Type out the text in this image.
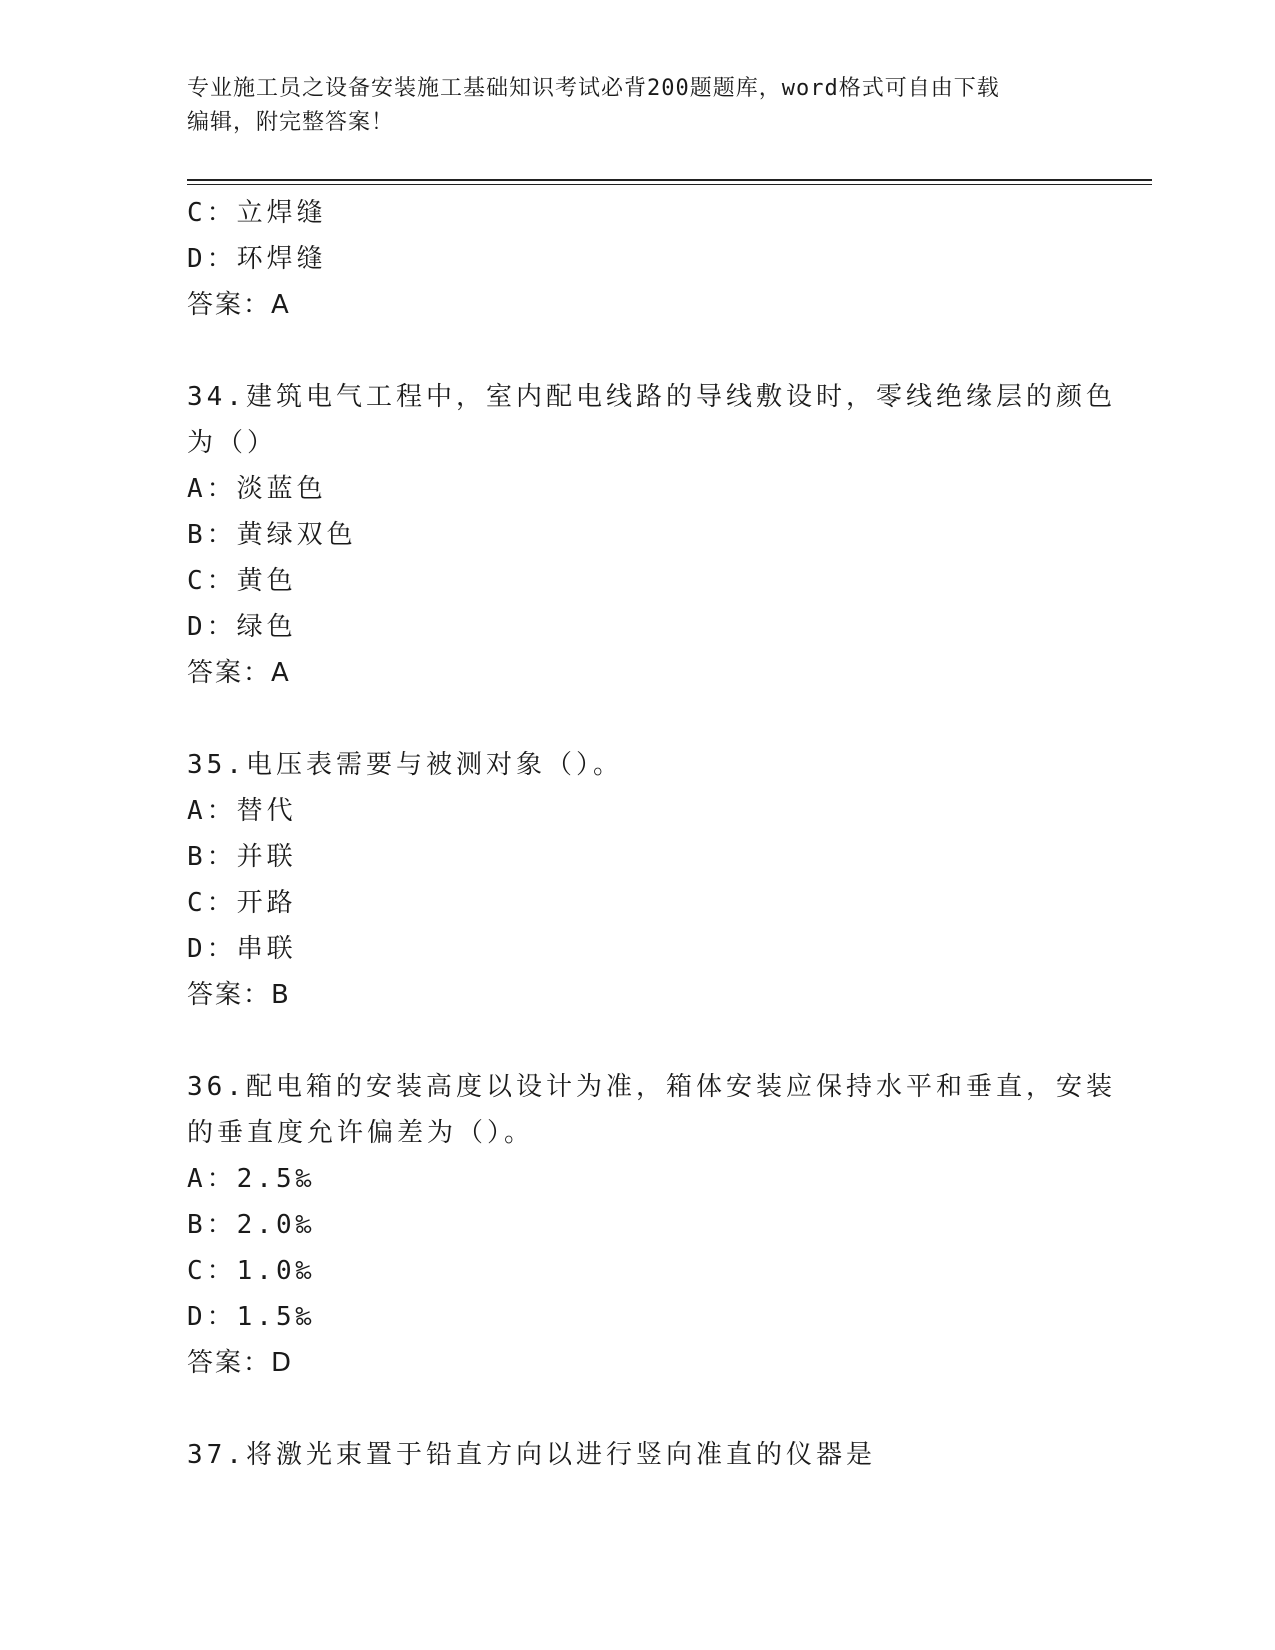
专业施工员之设备安装施工基础知识考试必背200题题库，word格式可自由下载
编辑，附完整答案！
C：立焊缝
D：环焊缝
答案：A
34.建筑电气工程中，室内配电线路的导线敷设时，零线绝缘层的颜色
为（）
A：淡蓝色
B：黄绿双色
C：黄色
D：绿色
答案：A
35.电压表需要与被测对象（）。
A：替代
B：并联
C：开路
D：串联
答案：B
36.配电箱的安装高度以设计为准，箱体安装应保持水平和垂直，安装
的垂直度允许偏差为（）。
A：2.5‰
B：2.0‰
C：1.0‰
D：1.5‰
答案：D
37.将激光束置于铅直方向以进行竖向准直的仪器是
